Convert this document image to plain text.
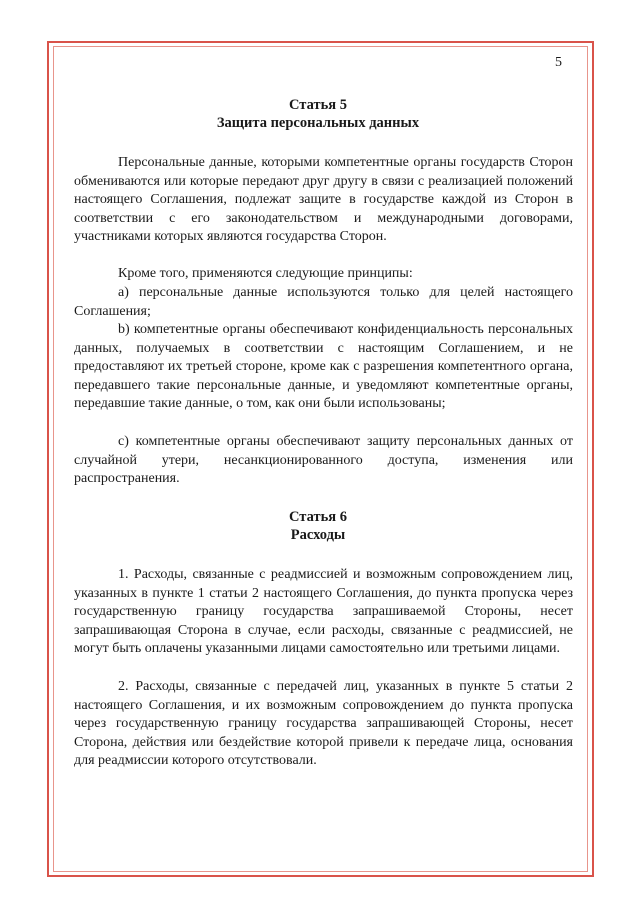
5
Статья 5
Защита персональных данных

Персональные данные, которыми компетентные органы государств Сторон обмениваются или которые передают друг другу в связи с реализацией положений настоящего Соглашения, подлежат защите в государстве каждой из Сторон в соответствии с его законодательством и международными договорами, участниками которых являются государства Сторон.

Кроме того, применяются следующие принципы:

а) персональные данные используются только для целей настоящего Соглашения;

b) компетентные органы обеспечивают конфиденциальность персональных данных, получаемых в соответствии с настоящим Соглашением, и не предоставляют их третьей стороне, кроме как с разрешения компетентного органа, передавшего такие персональные данные, и уведомляют компетентные органы, передавшие такие данные, о том, как они были использованы;

с) компетентные органы обеспечивают защиту персональных данных от случайной утери, несанкционированного доступа, изменения или распространения.

Статья 6
Расходы

1. Расходы, связанные с реадмиссией и возможным сопровождением лиц, указанных в пункте 1 статьи 2 настоящего Соглашения, до пункта пропуска через государственную границу государства запрашиваемой Стороны, несет запрашивающая Сторона в случае, если расходы, связанные с реадмиссией, не могут быть оплачены указанными лицами самостоятельно или третьими лицами.

2. Расходы, связанные с передачей лиц, указанных в пункте 5 статьи 2 настоящего Соглашения, и их возможным сопровождением до пункта пропуска через государственную границу государства запрашивающей Стороны, несет Сторона, действия или бездействие которой привели к передаче лица, основания для реадмиссии которого отсутствовали.
